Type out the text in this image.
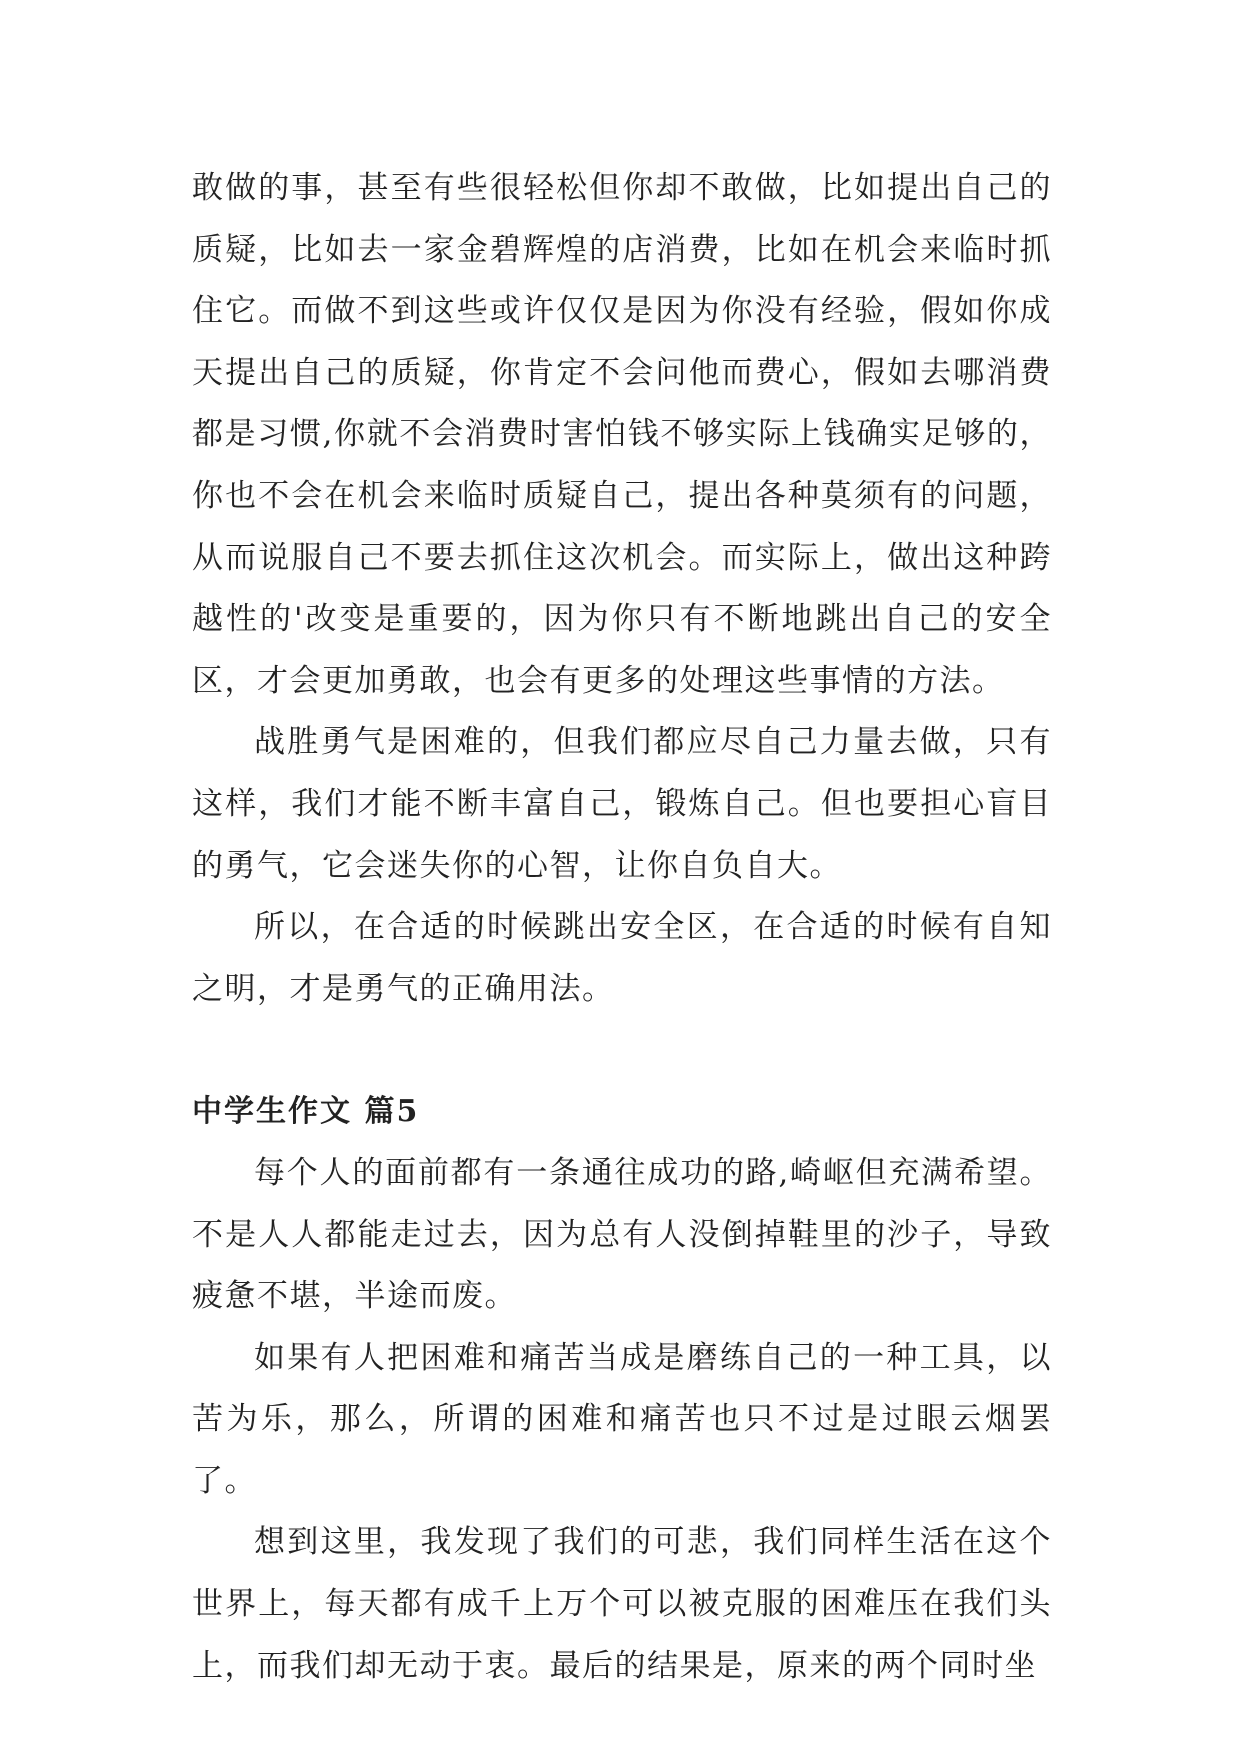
敢做的事，甚至有些很轻松但你却不敢做，比如提出自己的质疑，比如去一家金碧辉煌的店消费，比如在机会来临时抓住它。而做不到这些或许仅仅是因为你没有经验，假如你成天提出自己的质疑，你肯定不会问他而费心，假如去哪消费都是习惯,你就不会消费时害怕钱不够实际上钱确实足够的，你也不会在机会来临时质疑自己，提出各种莫须有的问题，从而说服自己不要去抓住这次机会。而实际上，做出这种跨越性的'改变是重要的，因为你只有不断地跳出自己的安全区，才会更加勇敢，也会有更多的处理这些事情的方法。

战胜勇气是困难的，但我们都应尽自己力量去做，只有这样，我们才能不断丰富自己，锻炼自己。但也要担心盲目的勇气，它会迷失你的心智，让你自负自大。

所以，在合适的时候跳出安全区，在合适的时候有自知之明，才是勇气的正确用法。

中学生作文 篇5

每个人的面前都有一条通往成功的路,崎岖但充满希望。不是人人都能走过去，因为总有人没倒掉鞋里的沙子，导致疲惫不堪，半途而废。

如果有人把困难和痛苦当成是磨练自己的一种工具，以苦为乐，那么，所谓的困难和痛苦也只不过是过眼云烟罢了。

想到这里，我发现了我们的可悲，我们同样生活在这个世界上，每天都有成千上万个可以被克服的困难压在我们头上，而我们却无动于衷。最后的结果是，原来的两个同时坐
